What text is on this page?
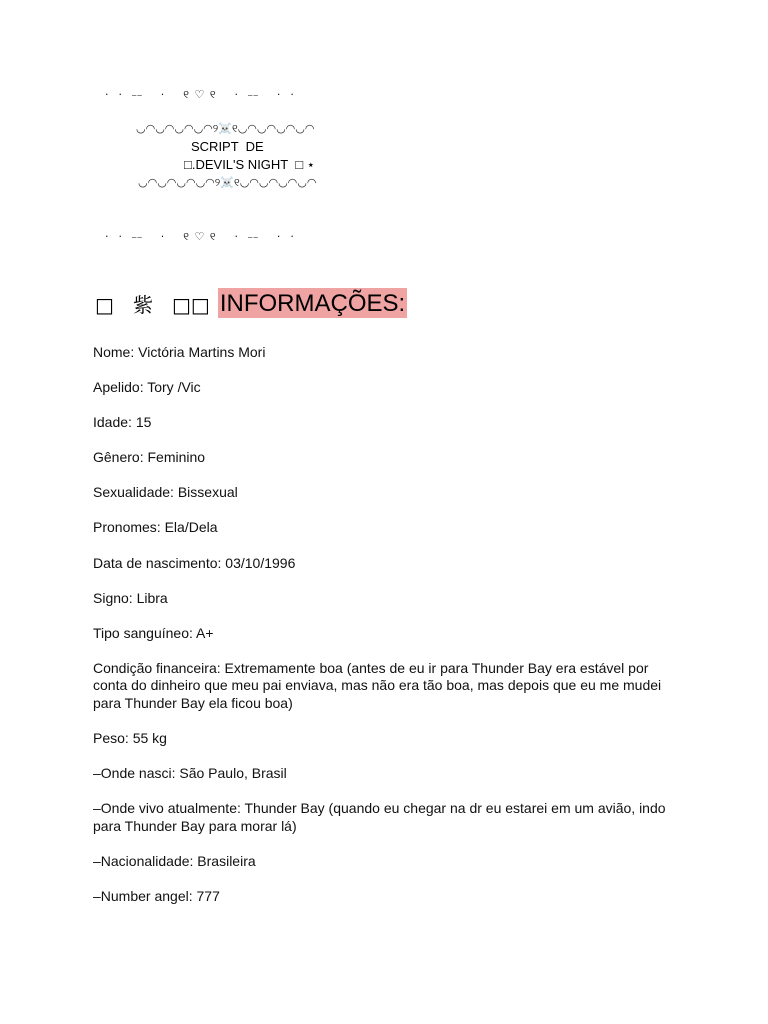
·  ·  ⎯⎯    ·    ୧ ♡ ୧    ·  ⎯⎯    ·  ·
◡◠◡◠◡◠◡◠୨☠️୧◡◠◡◠◡◠◡◠
SCRIPT  DE
□.DEVIL'S NIGHT  □ ⋆
◡◠◡◠◡◠◡◠୨☠️୧◡◠◡◠◡◠◡◠
·  ·  ⎯⎯    ·    ୧ ♡ ୧    ·  ⎯⎯    ·  ·
□   紫   □□ INFORMAÇÕES:

Nome: Victória Martins Mori

Apelido: Tory /Vic

Idade: 15

Gênero: Feminino

Sexualidade: Bissexual

Pronomes: Ela/Dela

Data de nascimento: 03/10/1996

Signo: Libra

Tipo sanguíneo: A+

Condição financeira: Extremamente boa (antes de eu ir para Thunder Bay era estável por conta do dinheiro que meu pai enviava, mas não era tão boa, mas depois que eu me mudei para Thunder Bay ela ficou boa)

Peso: 55 kg

–Onde nasci: São Paulo, Brasil

–Onde vivo atualmente: Thunder Bay (quando eu chegar na dr eu estarei em um avião, indo para Thunder Bay para morar lá)

–Nacionalidade: Brasileira

–Number angel: 777
